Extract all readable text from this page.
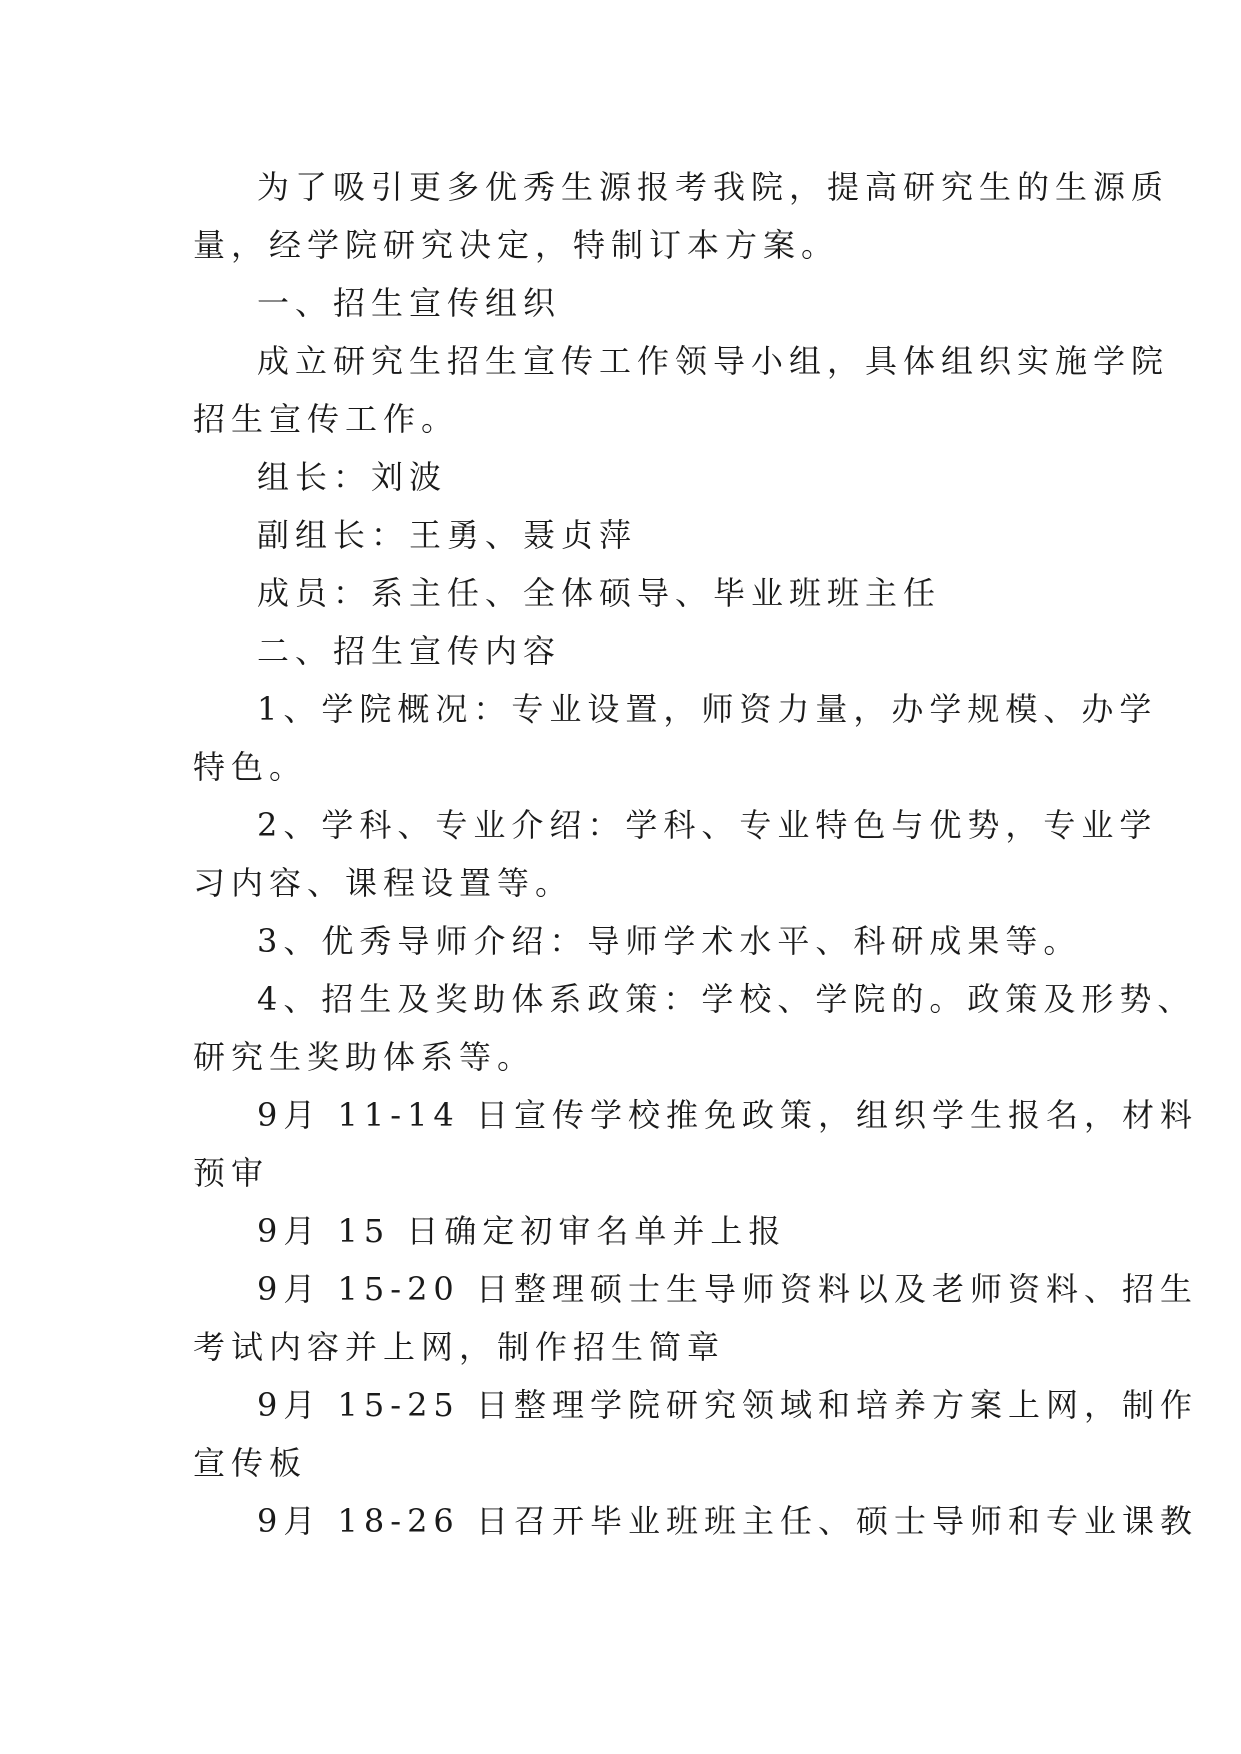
为了吸引更多优秀生源报考我院，提高研究生的生源质
量，经学院研究决定，特制订本方案。
一、招生宣传组织
成立研究生招生宣传工作领导小组，具体组织实施学院
招生宣传工作。
组长：刘波
副组长：王勇、聂贞萍
成员：系主任、全体硕导、毕业班班主任
二、招生宣传内容
1、学院概况：专业设置，师资力量，办学规模、办学
特色。
2、学科、专业介绍：学科、专业特色与优势，专业学
习内容、课程设置等。
3、优秀导师介绍：导师学术水平、科研成果等。
4、招生及奖助体系政策：学校、学院的。政策及形势、
研究生奖助体系等。
9月 11-14 日宣传学校推免政策，组织学生报名，材料
预审
9月 15 日确定初审名单并上报
9月 15-20 日整理硕士生导师资料以及老师资料、招生
考试内容并上网，制作招生简章
9月 15-25 日整理学院研究领域和培养方案上网，制作
宣传板
9月 18-26 日召开毕业班班主任、硕士导师和专业课教
